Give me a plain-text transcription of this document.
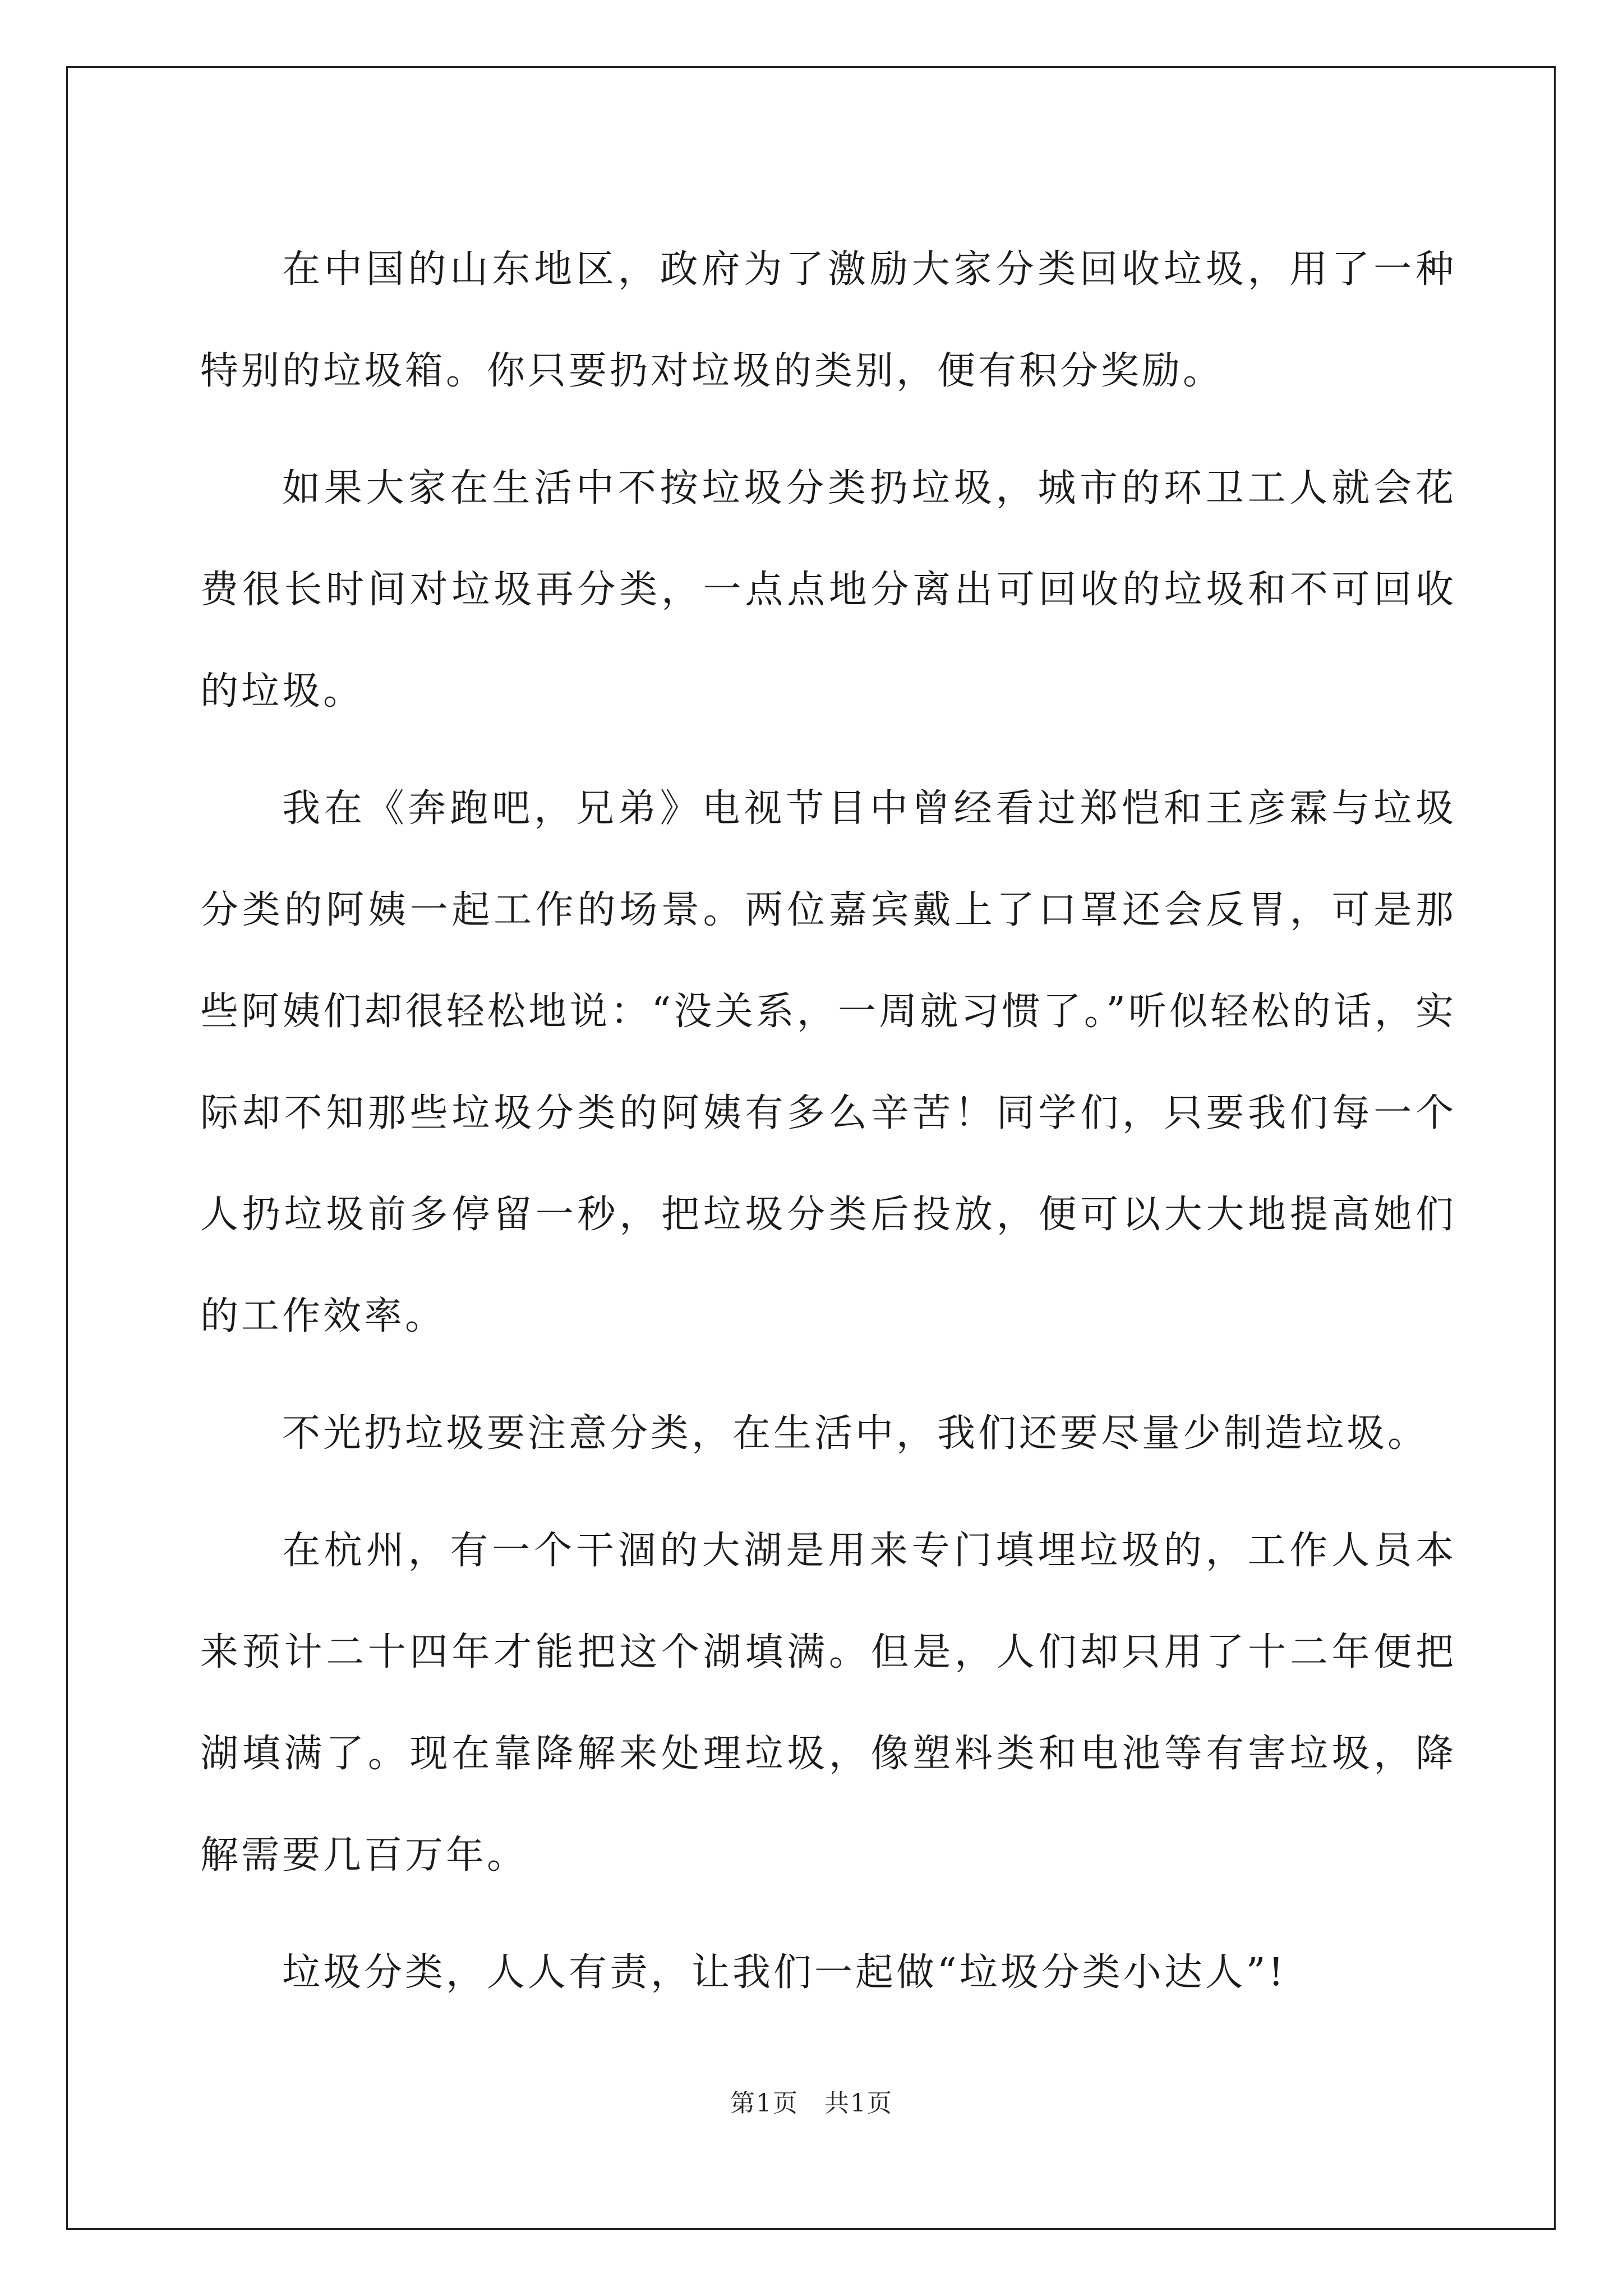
在中国的山东地区，政府为了激励大家分类回收垃圾，用了一种特别的垃圾箱。你只要扔对垃圾的类别，便有积分奖励。

如果大家在生活中不按垃圾分类扔垃圾，城市的环卫工人就会花费很长时间对垃圾再分类，一点点地分离出可回收的垃圾和不可回收的垃圾。

我在《奔跑吧，兄弟》电视节目中曾经看过郑恺和王彦霖与垃圾分类的阿姨一起工作的场景。两位嘉宾戴上了口罩还会反胃，可是那些阿姨们却很轻松地说：“没关系，一周就习惯了。”听似轻松的话，实际却不知那些垃圾分类的阿姨有多么辛苦！同学们，只要我们每一个人扔垃圾前多停留一秒，把垃圾分类后投放，便可以大大地提高她们的工作效率。

不光扔垃圾要注意分类，在生活中，我们还要尽量少制造垃圾。

在杭州，有一个干涸的大湖是用来专门填埋垃圾的，工作人员本来预计二十四年才能把这个湖填满。但是，人们却只用了十二年便把湖填满了。现在靠降解来处理垃圾，像塑料类和电池等有害垃圾，降解需要几百万年。

垃圾分类，人人有责，让我们一起做“垃圾分类小达人”!

第1页　共1页
